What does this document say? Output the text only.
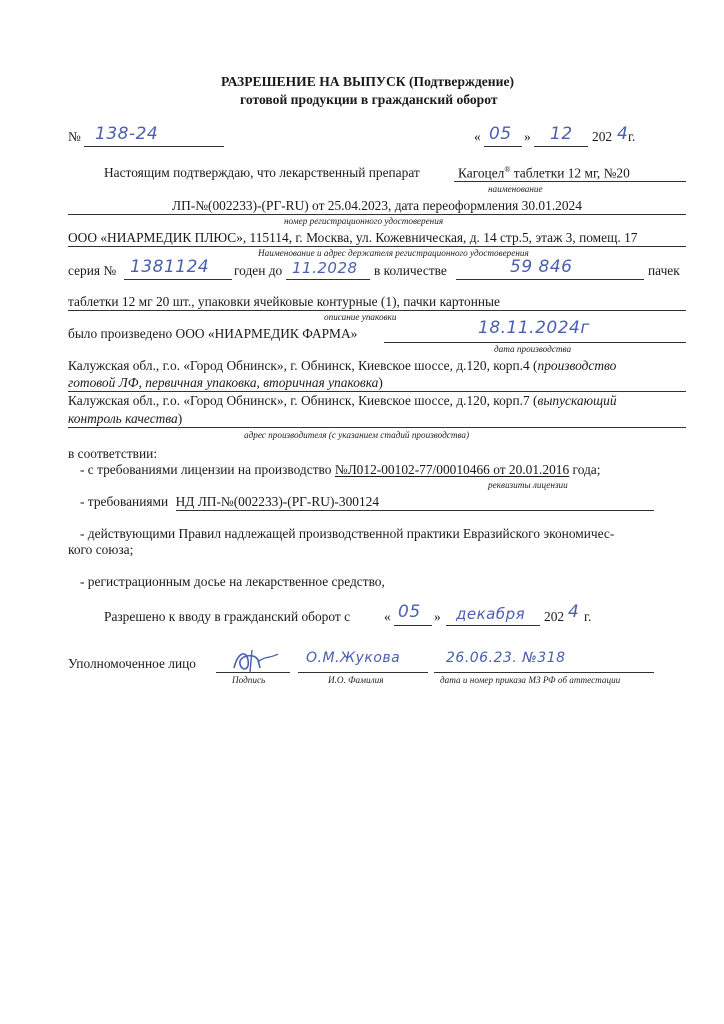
РАЗРЕШЕНИЕ НА ВЫПУСК (Подтверждение)
готовой продукции в гражданский оборот
№ 138-24	« 05 » 12 202 4 г.
Настоящим подтверждаю, что лекарственный препарат	Кагоцел® таблетки 12 мг, №20
наименование
ЛП-№(002233)-(РГ-RU) от 25.04.2023, дата переоформления 30.01.2024
номер регистрационного удостоверения
ООО «НИАРМЕДИК ПЛЮС», 115114, г. Москва, ул. Кожевническая, д. 14 стр.5, этаж 3, помещ. 17
Наименование и адрес держателя регистрационного удостоверения
серия № 1381124 годен до 11.2028 в количестве	59 846	пачек
таблетки 12 мг 20 шт., упаковки ячейковые контурные (1), пачки картонные
описание упаковки
было произведено ООО «НИАРМЕДИК ФАРМА»	18.11.2024г
дата производства
Калужская обл., г.о. «Город Обнинск», г. Обнинск, Киевское шоссе, д.120, корп.4 (производство
готовой ЛФ, первичная упаковка, вторичная упаковка)
Калужская обл., г.о. «Город Обнинск», г. Обнинск, Киевское шоссе, д.120, корп.7 (выпускающий
контроль качества)
адрес производителя (с указанием стадий производства)
в соответствии:
- с требованиями лицензии на производство №Л012-00102-77/00010466 от 20.01.2016 года;
реквизиты лицензии
- требованиями НД ЛП-№(002233)-(РГ-RU)-300124
- действующими Правил надлежащей производственной практики Евразийского экономичес-
кого союза;
- регистрационным досье на лекарственное средство,
Разрешено к вводу в гражданский оборот с	« 05 » декабря 202 4 г.
Уполномоченное лицо	О.М.Жукова	26.06.23. №318
Подпись	И.О. Фамилия	дата и номер приказа МЗ РФ об аттестации
